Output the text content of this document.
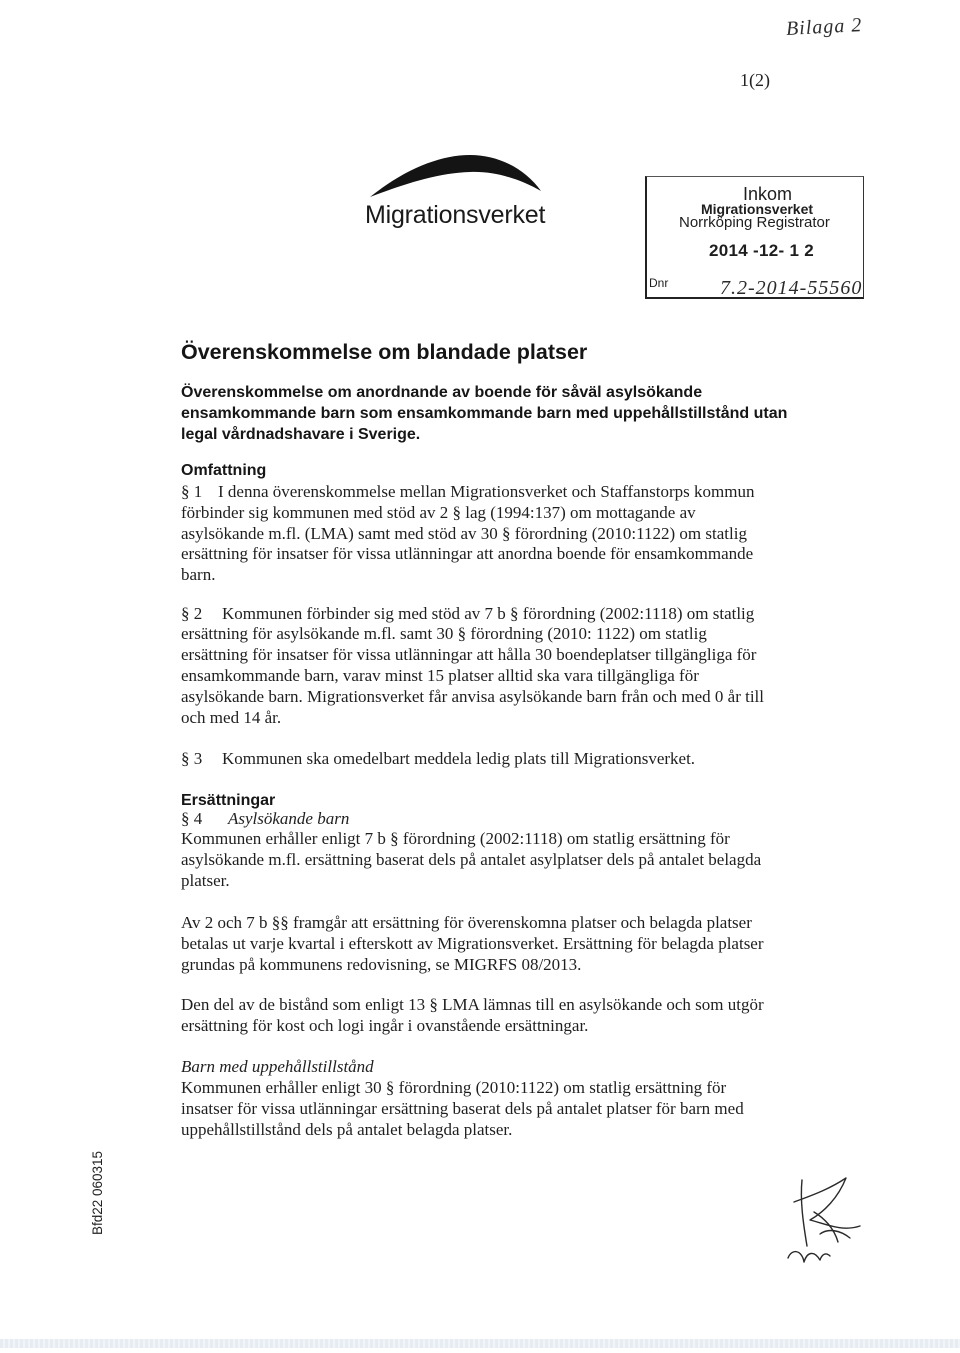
Bilaga 2
1(2)
Migrationsverket
Inkom
Migrationsverket
Norrköping Registrator
2014 -12- 1 2
Dnr	7.2-2014-55560
Överenskommelse om blandade platser
Överenskommelse om anordnande av boende för såväl asylsökande
ensamkommande barn som ensamkommande barn med uppehållstillstånd utan
legal vårdnadshavare i Sverige.
Omfattning
§ 1 I denna överenskommelse mellan Migrationsverket och Staffanstorps kommun
förbinder sig kommunen med stöd av 2 § lag (1994:137) om mottagande av
asylsökande m.fl. (LMA) samt med stöd av 30 § förordning (2010:1122) om statlig
ersättning för insatser för vissa utlänningar att anordna boende för ensamkommande
barn.
§ 2 Kommunen förbinder sig med stöd av 7 b § förordning (2002:1118) om statlig
ersättning för asylsökande m.fl. samt 30 § förordning (2010: 1122) om statlig
ersättning för insatser för vissa utlänningar att hålla 30 boendeplatser tillgängliga för
ensamkommande barn, varav minst 15 platser alltid ska vara tillgängliga för
asylsökande barn. Migrationsverket får anvisa asylsökande barn från och med 0 år till
och med 14 år.
§ 3 Kommunen ska omedelbart meddela ledig plats till Migrationsverket.
Ersättningar
§ 4 Asylsökande barn
Kommunen erhåller enligt 7 b § förordning (2002:1118) om statlig ersättning för
asylsökande m.fl. ersättning baserat dels på antalet asylplatser dels på antalet belagda
platser.
Av 2 och 7 b §§ framgår att ersättning för överenskomna platser och belagda platser
betalas ut varje kvartal i efterskott av Migrationsverket. Ersättning för belagda platser
grundas på kommunens redovisning, se MIGRFS 08/2013.
Den del av de bistånd som enligt 13 § LMA lämnas till en asylsökande och som utgör
ersättning för kost och logi ingår i ovanstående ersättningar.
Barn med uppehållstillstånd
Kommunen erhåller enligt 30 § förordning (2010:1122) om statlig ersättning för
insatser för vissa utlänningar ersättning baserat dels på antalet platser för barn med
uppehållstillstånd dels på antalet belagda platser.
Bfd22 060315
